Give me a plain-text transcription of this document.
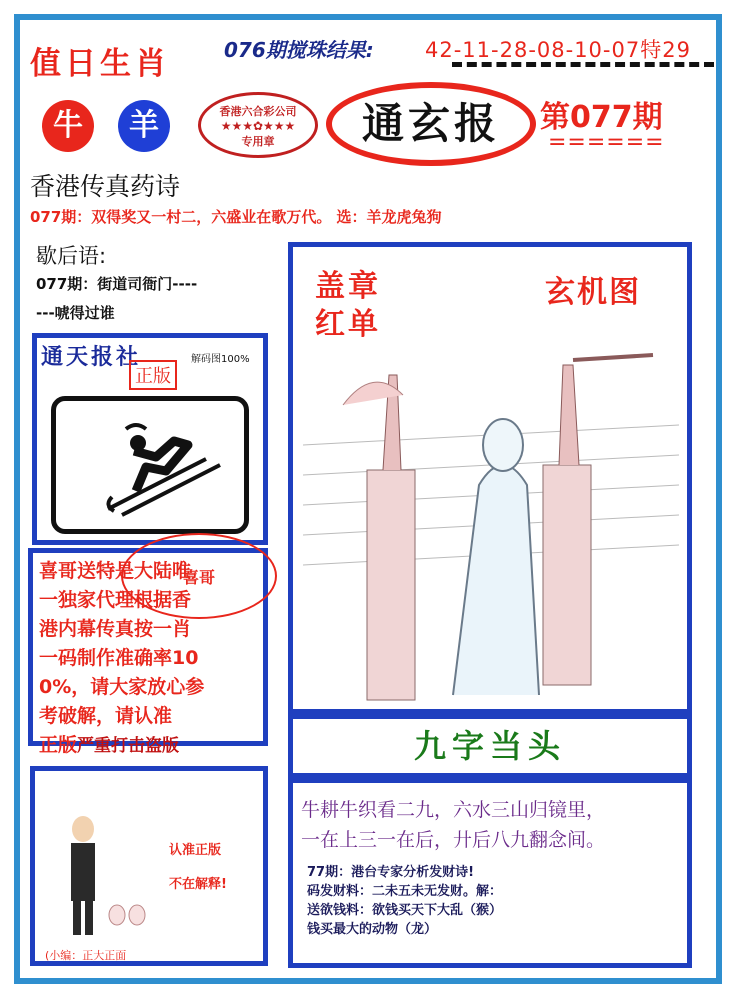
值日生肖	076期搅珠结果: 42-11-28-08-10-07特29
牛	羊	香港六合彩公司
★★★✿★★★
专用章	通玄报	第077期
======
香港传真药诗
077期：双得奖又一村二，六盛业在歌万代。 选：羊龙虎兔狗
歇后语:
077期：街道司衙门----
---唬得过谁
通天报社	解码图100%
正版
喜哥送特是大陆唯
一独家代理根据香
港内幕传真按一肖
一码制作准确率10
0%，请大家放心参
考破解，请认准
正版严重打击盗版
喜哥
认准正版
不在解释!
(小编：正大正面
盖章
红单
玄机图
九字当头
牛耕牛织看二九，六水三山归镜里，
一在上三一在后，廾后八九翻念间。
77期：港台专家分析发财诗!
码发财料：二未五未无发财。解：
送欲钱料：欲钱买天下大乱（猴）
钱买最大的动物（龙）
